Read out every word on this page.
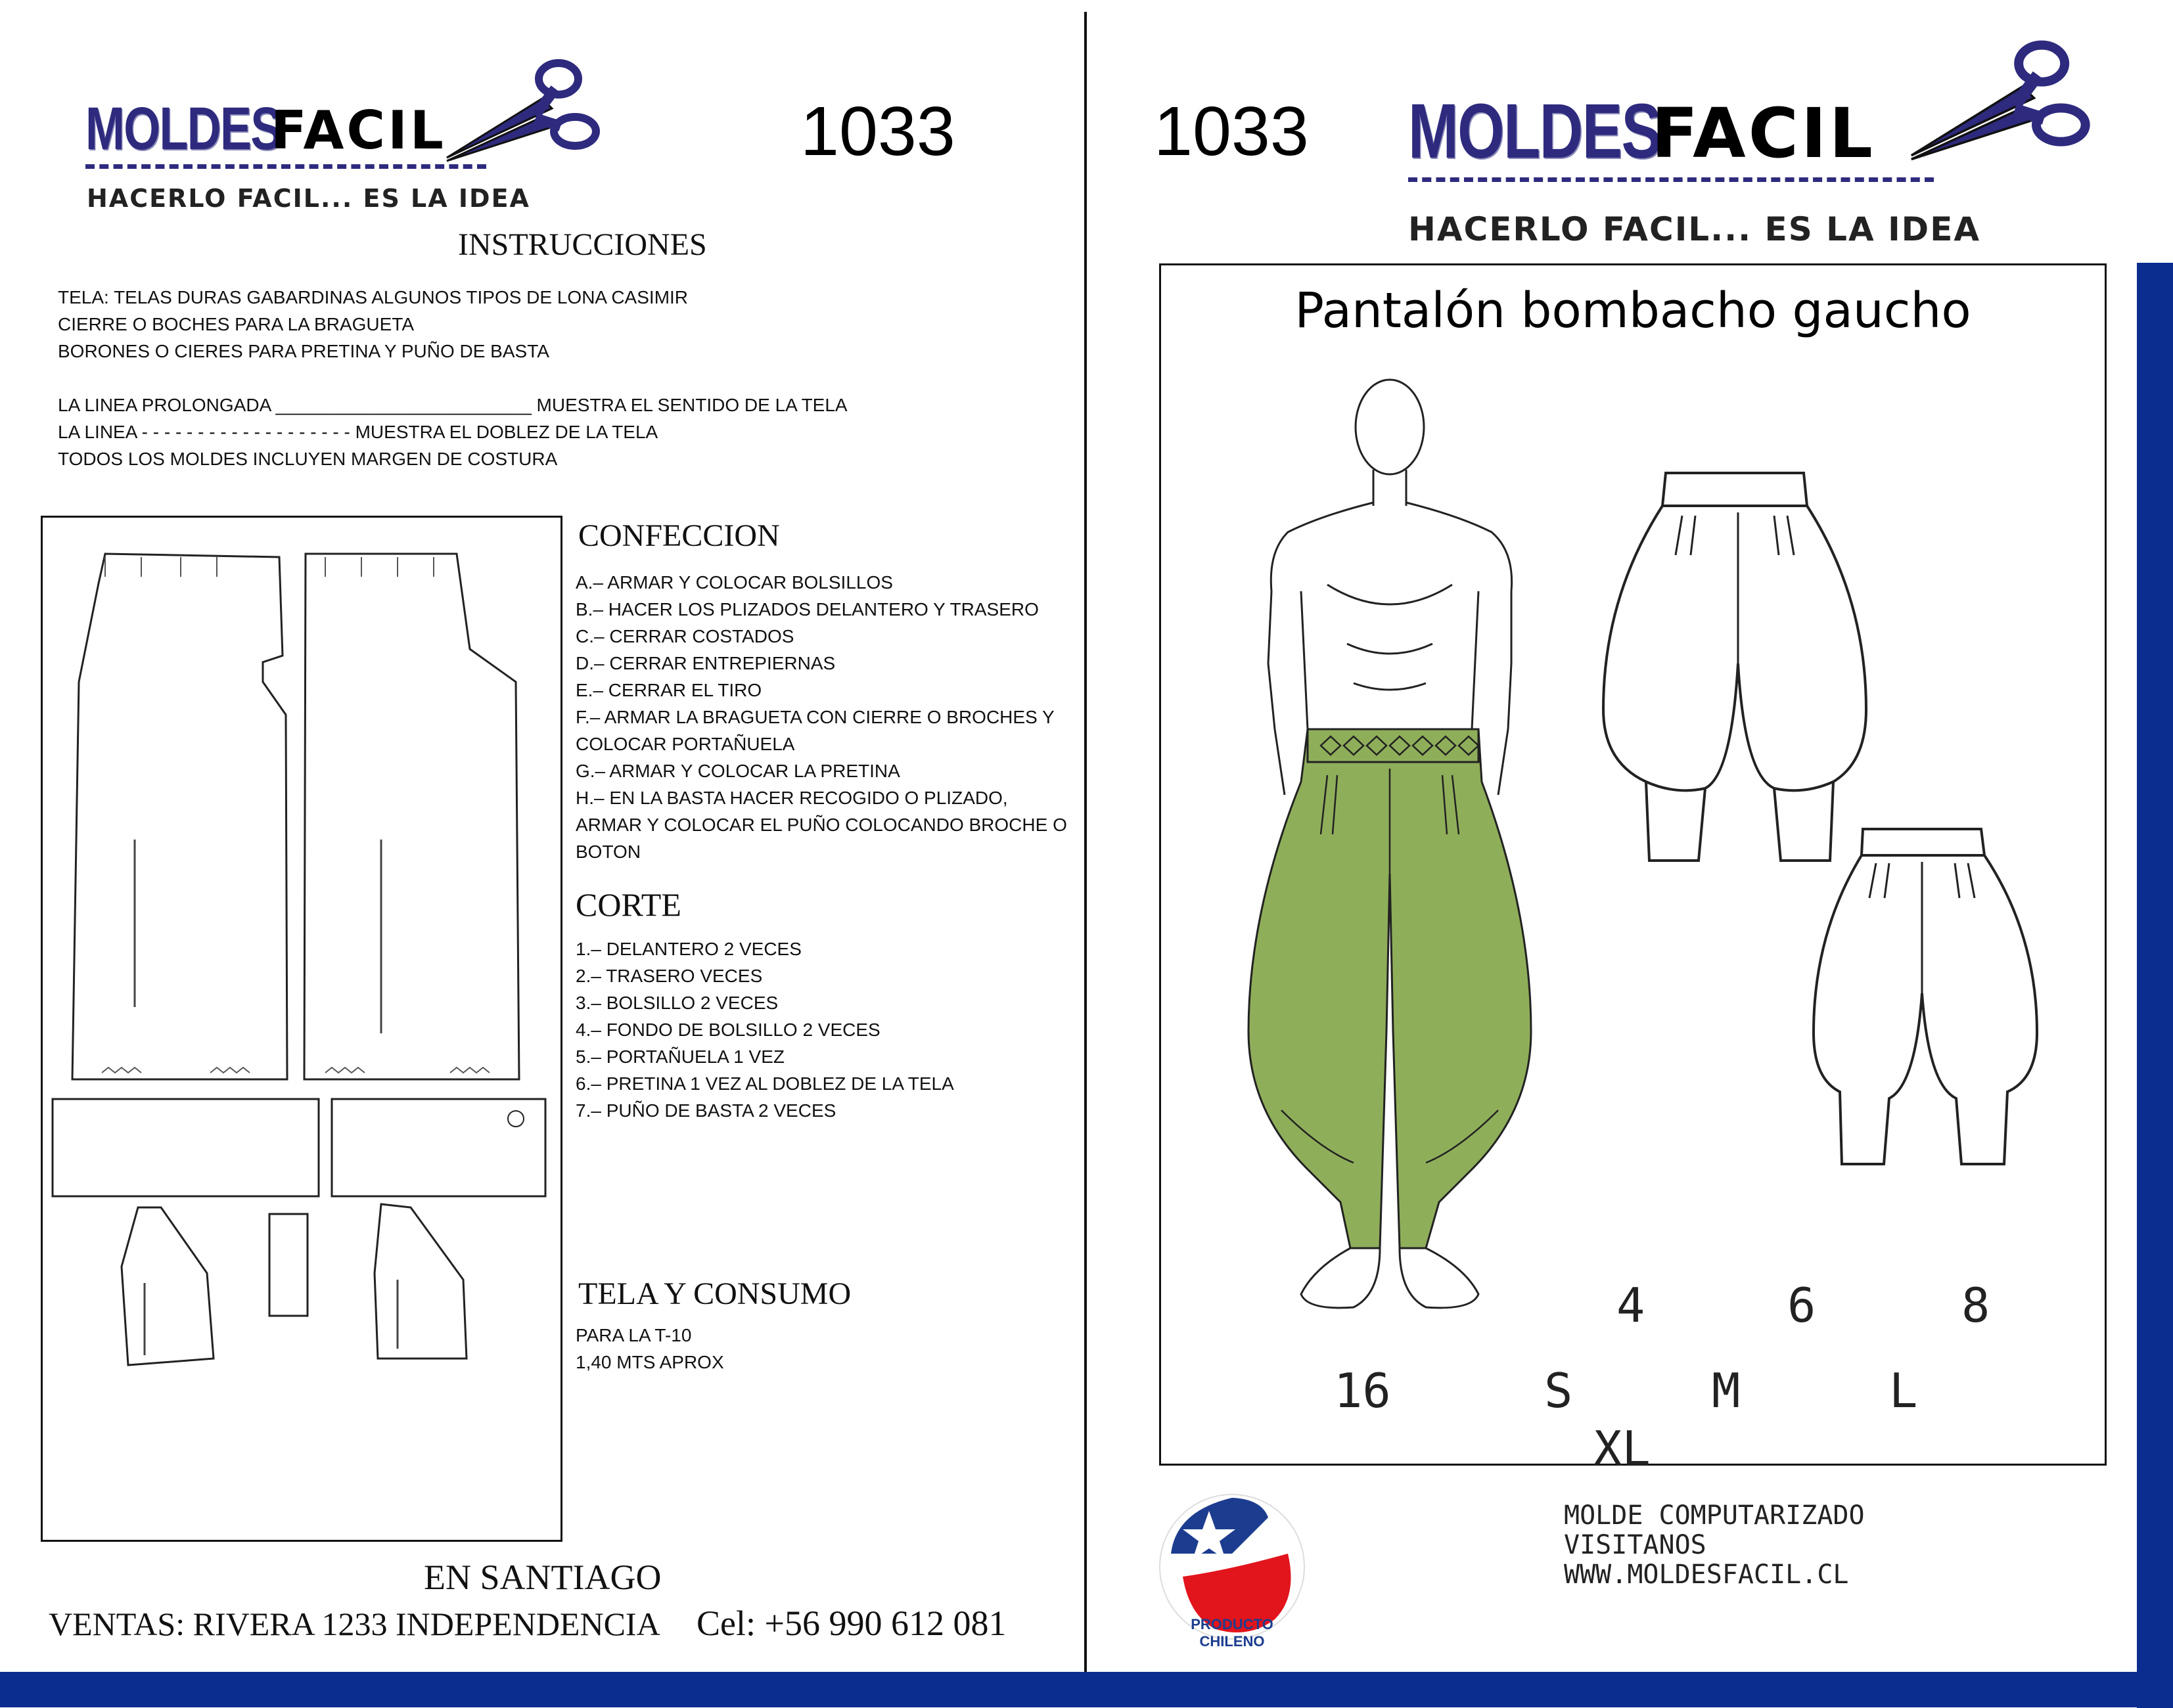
MOLDES
FACIL
HACERLO FACIL... ES LA IDEA
1033
INSTRUCCIONES
TELA: TELAS DURAS GABARDINAS ALGUNOS TIPOS DE LONA CASIMIR
CIERRE O BOCHES PARA LA BRAGUETA
BORONES O CIERES PARA PRETINA Y PUÑO DE BASTA
LA LINEA PROLONGADA _________________________ MUESTRA EL SENTIDO DE LA TELA
LA LINEA - - - - - - - - - - - - - - - - - - - MUESTRA EL DOBLEZ DE LA TELA
TODOS LOS MOLDES INCLUYEN MARGEN DE COSTURA
CONFECCION
A.– ARMAR Y COLOCAR BOLSILLOS
B.– HACER LOS PLIZADOS DELANTERO Y TRASERO
C.– CERRAR COSTADOS
D.– CERRAR ENTREPIERNAS
E.– CERRAR EL TIRO
F.– ARMAR LA BRAGUETA CON CIERRE O BROCHES Y
COLOCAR PORTAÑUELA
G.– ARMAR Y COLOCAR LA PRETINA
H.– EN LA BASTA HACER RECOGIDO O PLIZADO,
ARMAR Y COLOCAR EL PUÑO COLOCANDO BROCHE O
BOTON
CORTE
1.– DELANTERO 2 VECES
2.– TRASERO VECES
3.– BOLSILLO 2 VECES
4.– FONDO DE BOLSILLO 2 VECES
5.– PORTAÑUELA 1 VEZ
6.– PRETINA 1 VEZ AL DOBLEZ DE LA TELA
7.– PUÑO DE BASTA 2 VECES
TELA Y CONSUMO
PARA LA T-10
1,40 MTS APROX
EN SANTIAGO
VENTAS: RIVERA 1233 INDEPENDENCIA Cel: +56 990 612 081
1033 MOLDES
FACIL
HACERLO FACIL... ES LA IDEA
Pantalón bombacho gaucho
4	6	8
16	S	M	L
XL
PRODUCTO CHILENO
MOLDE COMPUTARIZADO
VISITANOS
WWW.MOLDESFACIL.CL
